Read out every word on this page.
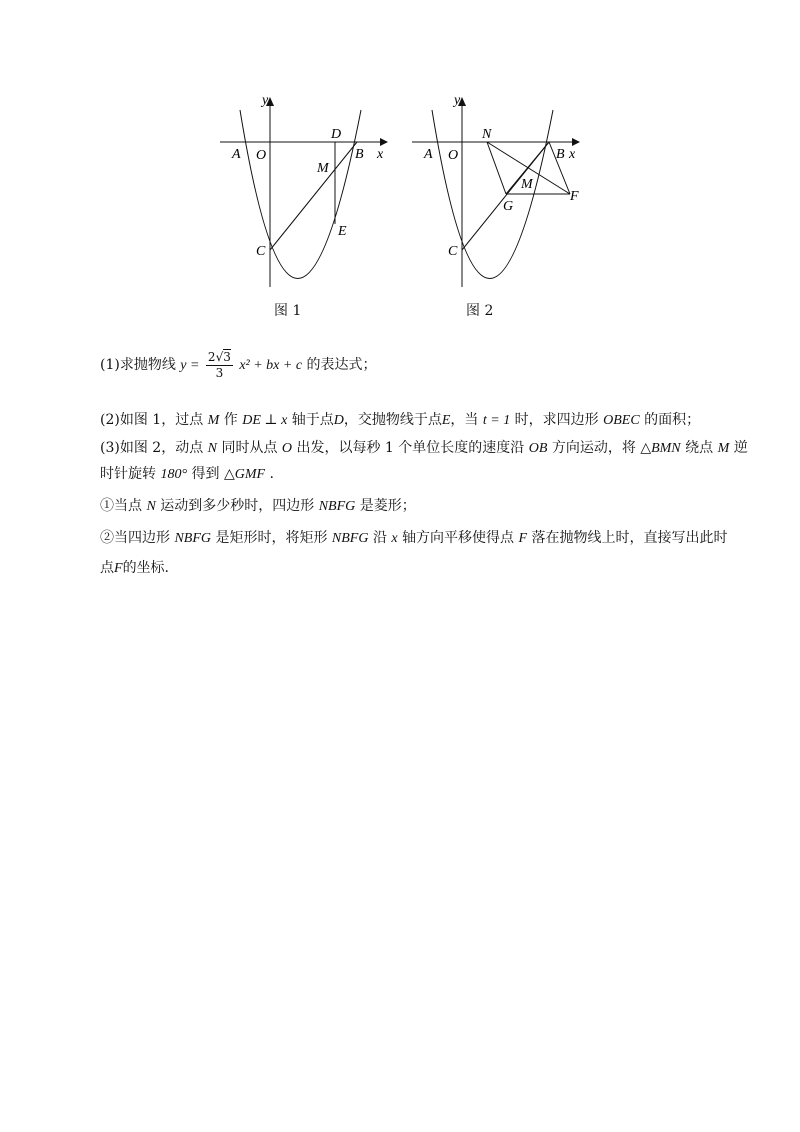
y
x
A O
D
B
M
C
E
图 1
y
x
A O
N
B
M
G
F
C
图 2
(1)求抛物线 $y = \frac{2√3}{3} x^2$ + bx + c 的表达式；
(2)如图 1，过点 M 作 DE ⊥ x 轴于点D，交抛物线于点E，当 t = 1 时，求四边形 OBEC 的面积；
(3)如图 2，动点 N 同时从点 O 出发，以每秒 1 个单位长度的速度沿 OB 方向运动，将 △BMN 绕点 M 逆
时针旋转 180° 得到 △GMF .
①当点 N 运动到多少秒时，四边形 NBFG 是菱形；
②当四边形 NBFG 是矩形时，将矩形 NBFG 沿 x 轴方向平移使得点 F 落在抛物线上时，直接写出此时
点F的坐标.
